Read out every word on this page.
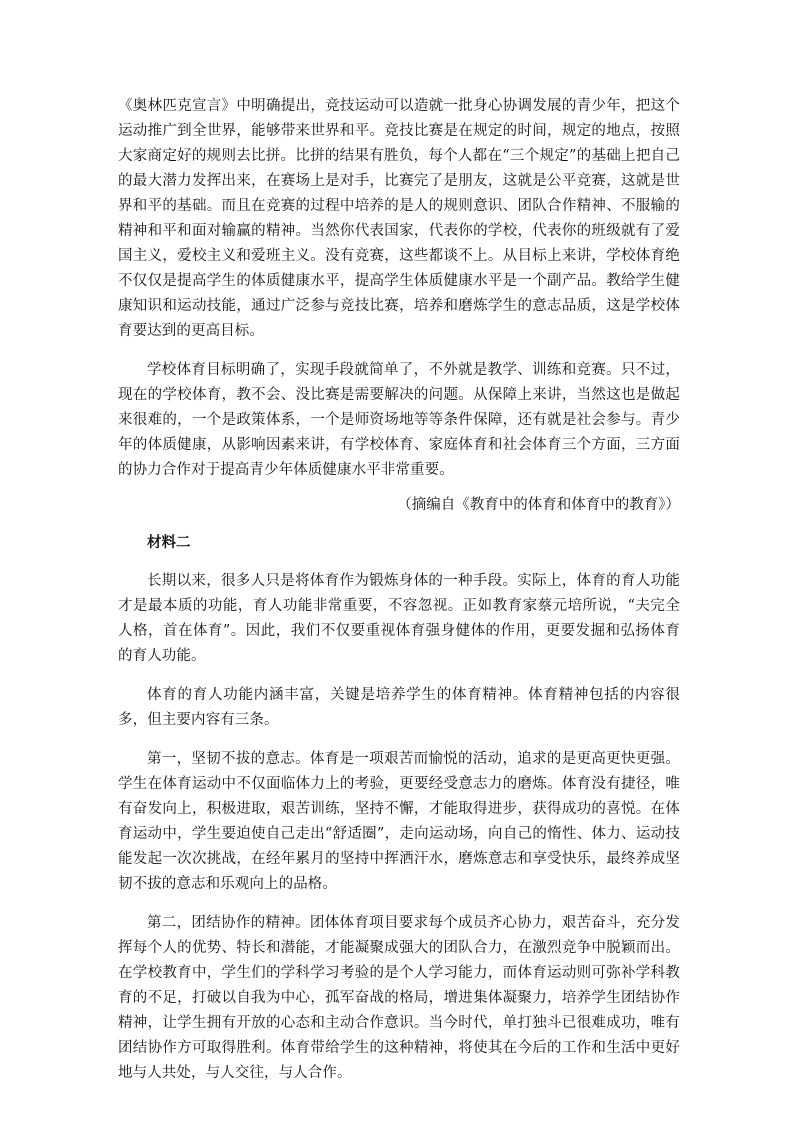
《奥林匹克宣言》中明确提出，竞技运动可以造就一批身心协调发展的青少年，把这个运动推广到全世界，能够带来世界和平。竞技比赛是在规定的时间，规定的地点，按照大家商定好的规则去比拼。比拼的结果有胜负，每个人都在“三个规定”的基础上把自己的最大潜力发挥出来，在赛场上是对手，比赛完了是朋友，这就是公平竞赛，这就是世界和平的基础。而且在竞赛的过程中培养的是人的规则意识、团队合作精神、不服输的精神和平和面对输赢的精神。当然你代表国家，代表你的学校，代表你的班级就有了爱国主义，爱校主义和爱班主义。没有竞赛，这些都谈不上。从目标上来讲，学校体育绝不仅仅是提高学生的体质健康水平，提高学生体质健康水平是一个副产品。教给学生健康知识和运动技能，通过广泛参与竞技比赛，培养和磨炼学生的意志品质，这是学校体育要达到的更高目标。

学校体育目标明确了，实现手段就简单了，不外就是教学、训练和竞赛。只不过，现在的学校体育，教不会、没比赛是需要解决的问题。从保障上来讲，当然这也是做起来很难的，一个是政策体系，一个是师资场地等等条件保障，还有就是社会参与。青少年的体质健康，从影响因素来讲，有学校体育、家庭体育和社会体育三个方面，三方面的协力合作对于提高青少年体质健康水平非常重要。

（摘编自《教育中的体育和体育中的教育》）

材料二

长期以来，很多人只是将体育作为锻炼身体的一种手段。实际上，体育的育人功能才是最本质的功能，育人功能非常重要，不容忽视。正如教育家蔡元培所说，“夫完全人格，首在体育”。因此，我们不仅要重视体育强身健体的作用，更要发掘和弘扬体育的育人功能。

体育的育人功能内涵丰富，关键是培养学生的体育精神。体育精神包括的内容很多，但主要内容有三条。

第一，坚韧不拔的意志。体育是一项艰苦而愉悦的活动，追求的是更高更快更强。学生在体育运动中不仅面临体力上的考验，更要经受意志力的磨炼。体育没有捷径，唯有奋发向上，积极进取，艰苦训练，坚持不懈，才能取得进步，获得成功的喜悦。在体育运动中，学生要迫使自己走出“舒适圈”，走向运动场，向自己的惰性、体力、运动技能发起一次次挑战，在经年累月的坚持中挥洒汗水，磨炼意志和享受快乐，最终养成坚韧不拔的意志和乐观向上的品格。

第二，团结协作的精神。团体体育项目要求每个成员齐心协力，艰苦奋斗，充分发挥每个人的优势、特长和潜能，才能凝聚成强大的团队合力，在激烈竞争中脱颖而出。在学校教育中，学生们的学科学习考验的是个人学习能力，而体育运动则可弥补学科教育的不足，打破以自我为中心，孤军奋战的格局，增进集体凝聚力，培养学生团结协作精神，让学生拥有开放的心态和主动合作意识。当今时代，单打独斗已很难成功，唯有团结协作方可取得胜利。体育带给学生的这种精神，将使其在今后的工作和生活中更好地与人共处，与人交往，与人合作。
